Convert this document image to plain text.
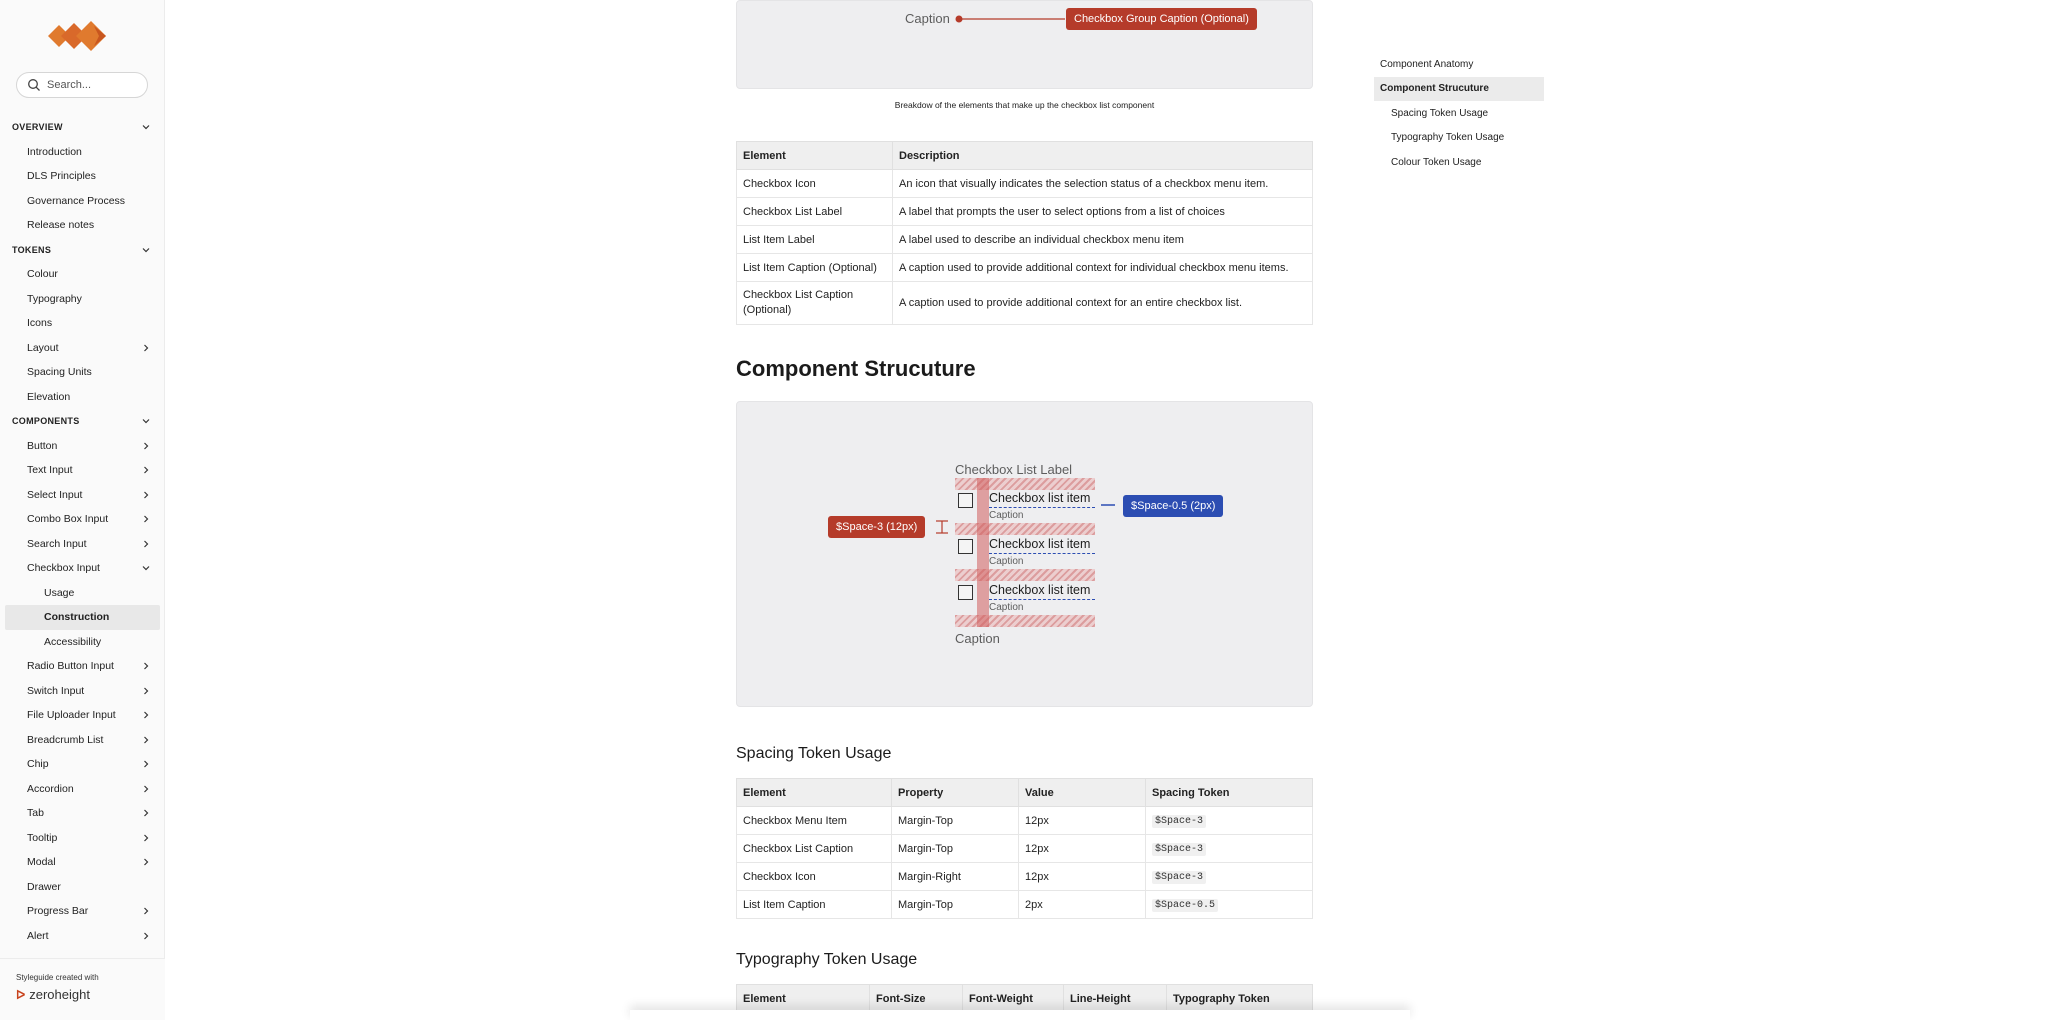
Search...
OVERVIEW
Introduction
DLS Principles
Governance Process
Release notes
TOKENS
Colour
Typography
Icons
Layout
Spacing Units
Elevation
COMPONENTS
Button
Text Input
Select Input
Combo Box Input
Search Input
Checkbox Input
Usage
Construction
Accessibility
Radio Button Input
Switch Input
File Uploader Input
Breadcrumb List
Chip
Accordion
Tab
Tooltip
Modal
Drawer
Progress Bar
Alert
Styleguide created with
ᐅ zeroheight
Caption	Checkbox Group Caption (Optional)
Breakdow of the elements that make up the checkbox list component
Element	Description
Checkbox Icon	An icon that visually indicates the selection status of a checkbox menu item.
Checkbox List Label	A label that prompts the user to select options from a list of choices
List Item Label	A label used to describe an individual checkbox menu item
List Item Caption (Optional)	A caption used to provide additional context for individual checkbox menu items.
Checkbox List Caption (Optional)	A caption used to provide additional context for an entire checkbox list.
Component Strucuture
Checkbox List Label
Checkbox list item
Caption
Checkbox list item
Caption
Checkbox list item
Caption
Caption
$Space-3 (12px)
$Space-0.5 (2px)
Spacing Token Usage
Element	Property	Value	Spacing Token
Checkbox Menu Item	Margin-Top	12px	$Space-3
Checkbox List Caption	Margin-Top	12px	$Space-3
Checkbox Icon	Margin-Right	12px	$Space-3
List Item Caption	Margin-Top	2px	$Space-0.5
Typography Token Usage
Element	Font-Size	Font-Weight	Line-Height	Typography Token
Component Anatomy
Component Strucuture
Spacing Token Usage
Typography Token Usage
Colour Token Usage
